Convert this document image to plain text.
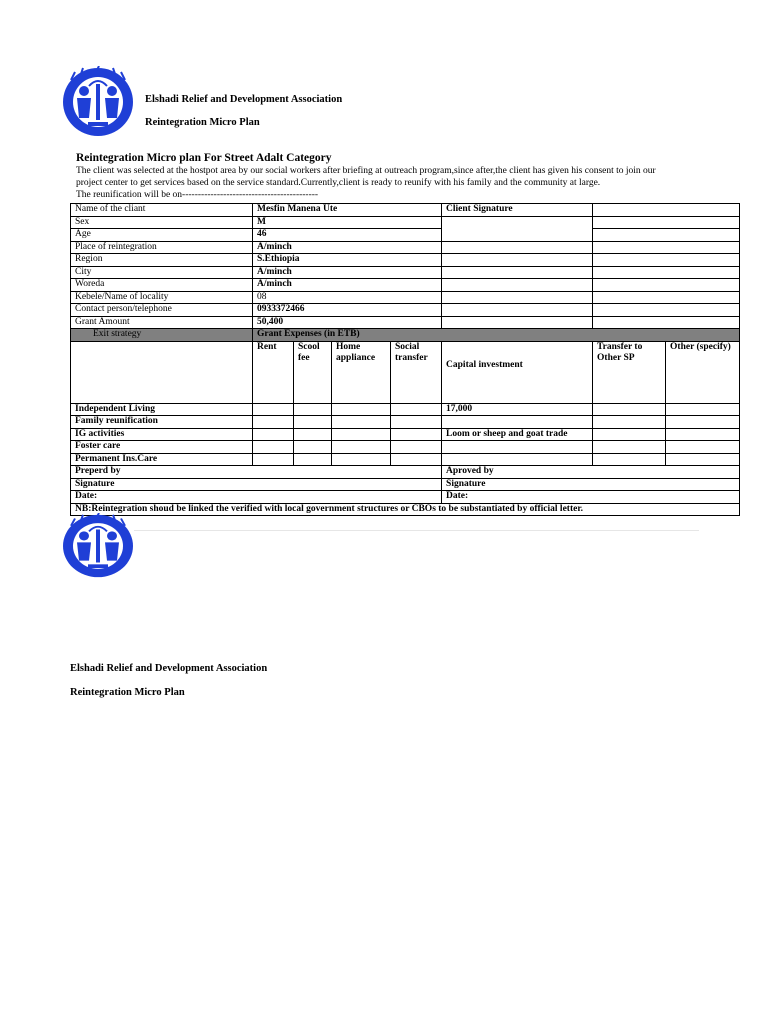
Elshadi Relief and Development Association
Reintegration Micro Plan
Reintegration Micro plan For Street Adalt Category
The client was selected at the hostpot area by our social workers after briefing at outreach program,since after,the client has given his consent to join our
project center to get services based on the service standard.Currently,client is ready to reunify with his family and the community at large.
The reunification will be on-------------------------------------------
Name of the cliant	Mesfin Manena Ute				Client Signature		
Sex	M						
Age	46						
Place of reintegration	A/minch						
Region	S.Ethiopia						
City	A/minch						
Woreda	A/minch						
Kebele/Name of locality	08						
Contact person/telephone	0933372466						
Grant Amount	50,400						
Exit strategy	Grant Expenses (in ETB)						
	Rent	Scool fee	Home appliance	Social transfer	Capital investment	Transfer to Other SP	Other (specify)
Independent Living					17,000		
Family reunification							
IG activities					Loom or sheep and goat trade		
Foster care							
Permanent Ins.Care							
Preperd by					Aproved by		
Signature					Signature		
Date:					Date:		
NB:Reintegration shoud be linked the verified with local government structures or CBOs to be substantiated by official letter.							
Elshadi Relief and Development Association
Reintegration Micro Plan
